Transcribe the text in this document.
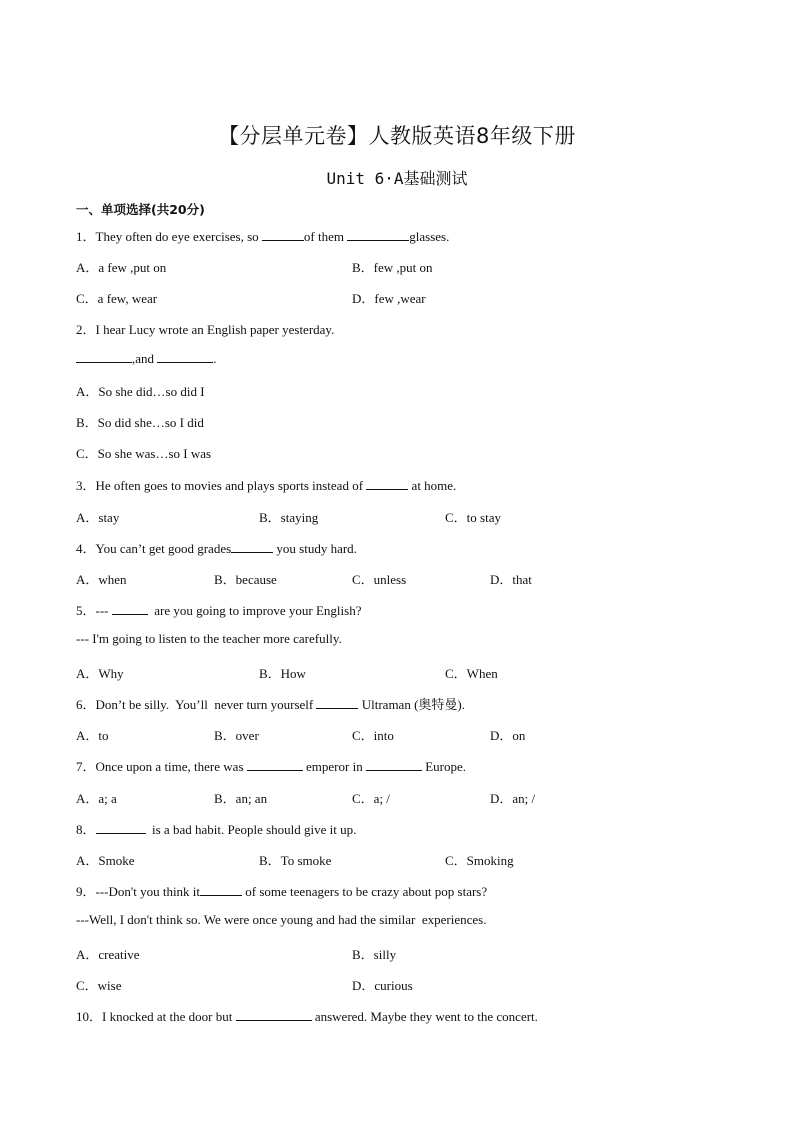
【分层单元卷】人教版英语8年级下册
Unit 6·A基础测试
一、单项选择(共20分)
1．They often do eye exercises, so	of them	glasses.
A．a few ,put on	B．few ,put on
C．a few, wear	D．few ,wear
2．I hear Lucy wrote an English paper yesterday.
,and	.
A．So she did…so did I
B．So did she…so I did
C．So she was…so I was
3．He often goes to movies and plays sports instead of	at home.
A．stay	B．staying	C．to stay
4．You can’t get good grades	you study hard.
A．when	B．because	C．unless	D．that
5．---	are you going to improve your English?
--- I'm going to listen to the teacher more carefully.
A．Why	B．How	C．When
6．Don’t be silly.  You’ll  never turn yourself	Ultraman (奥特曼).
A．to	B．over	C．into	D．on
7．Once upon a time, there was	emperor in	Europe.
A．a; a	B．an; an	C．a; /	D．an; /
8．	is a bad habit. People should give it up.
A．Smoke	B．To smoke	C．Smoking
9．---Don't you think it	of some teenagers to be crazy about pop stars?
---Well, I don't think so. We were once young and had the similar  experiences.
A．creative	B．silly
C．wise	D．curious
10．I knocked at the door but	answered. Maybe they went to the concert.
